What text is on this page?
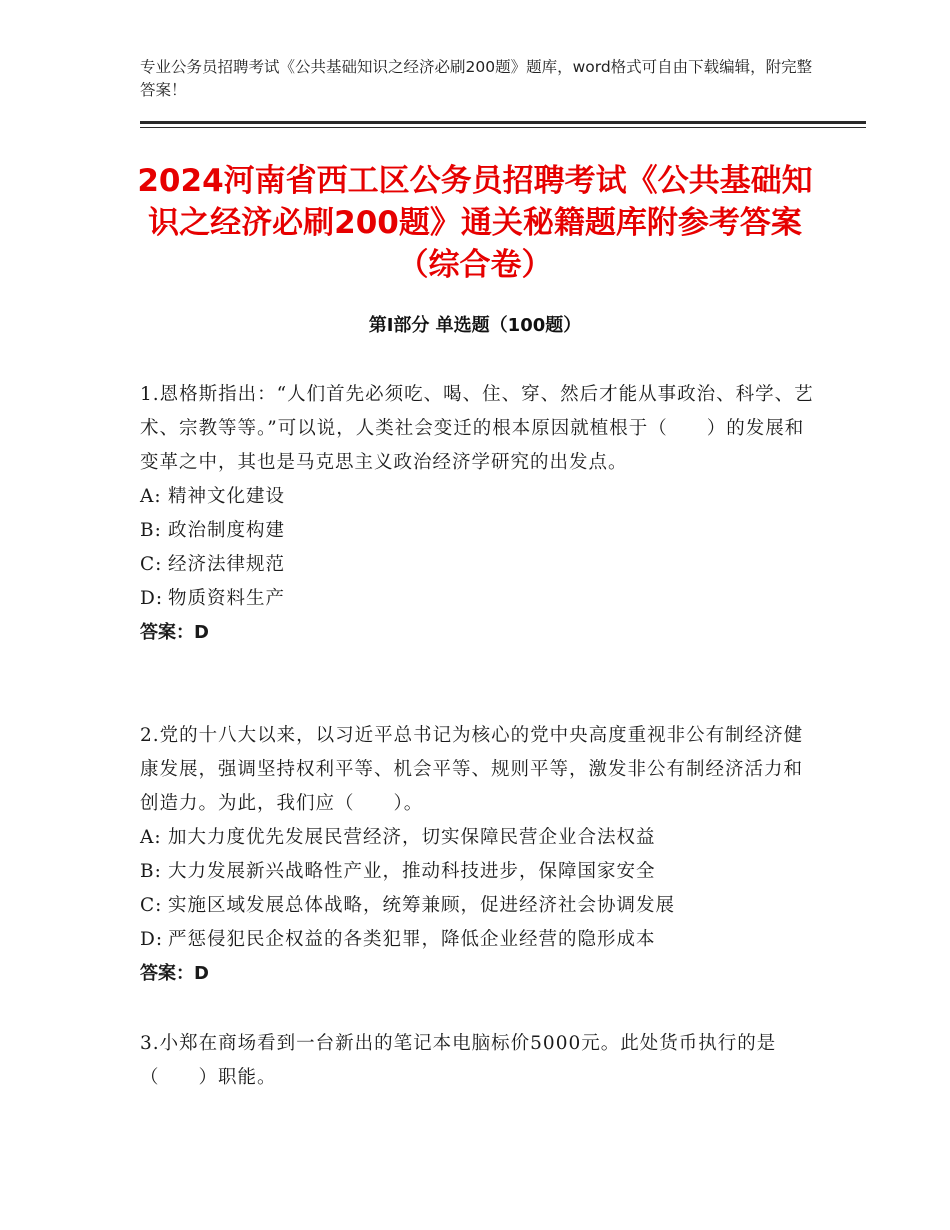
专业公务员招聘考试《公共基础知识之经济必刷200题》题库，word格式可自由下载编辑，附完整答案！
2024河南省西工区公务员招聘考试《公共基础知识之经济必刷200题》通关秘籍题库附参考答案（综合卷）
第Ⅰ部分 单选题（100题）

1.恩格斯指出：“人们首先必须吃、喝、住、穿、然后才能从事政治、科学、艺术、宗教等等。”可以说，人类社会变迁的根本原因就植根于（　　）的发展和变革之中，其也是马克思主义政治经济学研究的出发点。

A: 精神文化建设

B: 政治制度构建

C: 经济法律规范

D: 物质资料生产

答案：D

2.党的十八大以来，以习近平总书记为核心的党中央高度重视非公有制经济健康发展，强调坚持权利平等、机会平等、规则平等，激发非公有制经济活力和创造力。为此，我们应（　　）。

A: 加大力度优先发展民营经济，切实保障民营企业合法权益

B: 大力发展新兴战略性产业，推动科技进步，保障国家安全

C: 实施区域发展总体战略，统筹兼顾，促进经济社会协调发展

D: 严惩侵犯民企权益的各类犯罪，降低企业经营的隐形成本

答案：D

3.小郑在商场看到一台新出的笔记本电脑标价5000元。此处货币执行的是（　　）职能。
